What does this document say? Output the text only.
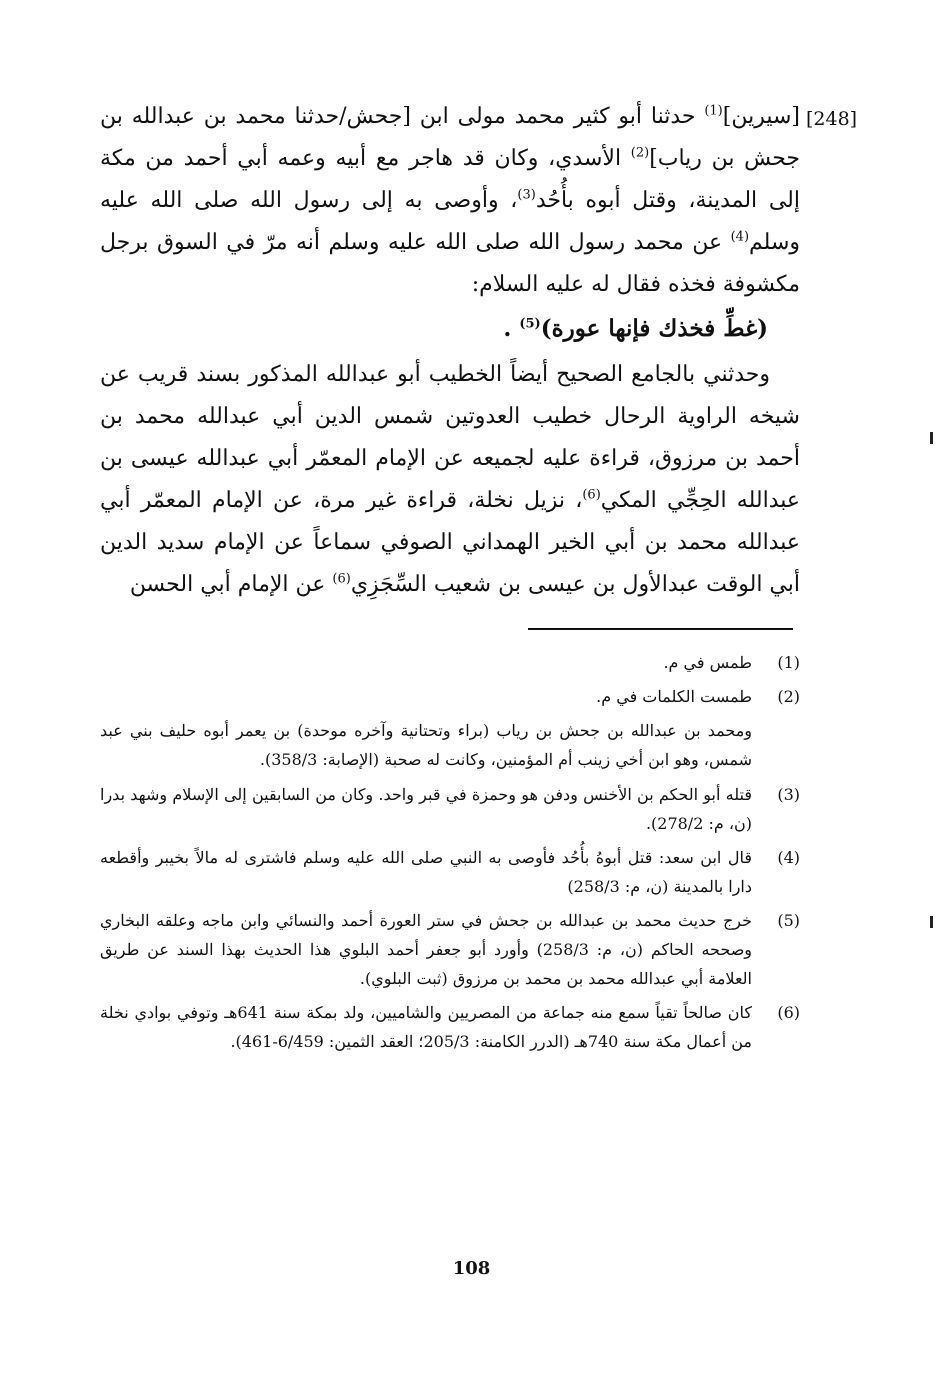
[248]

[سيرين]$^{(1)}$ حدثنا أبو كثير محمد مولى ابن [جحش/حدثنا محمد بن عبدالله بن جحش بن رياب]$^{(2)}$ الأسدي، وكان قد هاجر مع أبيه وعمه أبي أحمد من مكة إلى المدينة، وقتل أبوه بأُحُد$^{(3)}$، وأوصى به إلى رسول الله صلى الله عليه وسلم$^{(4)}$ عن محمد رسول الله صلى الله عليه وسلم أنه مرّ في السوق برجل مكشوفة فخذه فقال له عليه السلام:

(غطِّ فخذك فإنها عورة)$^{(5)}$ .

وحدثني بالجامع الصحيح أيضاً الخطيب أبو عبدالله المذكور بسند قريب عن شيخه الراوية الرحال خطيب العدوتين شمس الدين أبي عبدالله محمد بن أحمد بن مرزوق، قراءة عليه لجميعه عن الإمام المعمّر أبي عبدالله عيسى بن عبدالله الحِجِّي المكي$^{(6)}$، نزيل نخلة، قراءة غير مرة، عن الإمام المعمّر أبي عبدالله محمد بن أبي الخير الهمداني الصوفي سماعاً عن الإمام سديد الدين أبي الوقت عبدالأول بن عيسى بن شعيب السِّجَزِي$^{(6)}$ عن الإمام أبي الحسن

(1)
طمس في م.
(2)
طمست الكلمات في م.
ومحمد بن عبدالله بن جحش بن رياب (براء وتحتانية وآخره موحدة) بن يعمر أبوه حليف بني عبد شمس، وهو ابن أخي زينب أم المؤمنين، وكانت له صحبة (الإصابة: 358/3).
(3)
قتله أبو الحكم بن الأخنس ودفن هو وحمزة في قبر واحد. وكان من السابقين إلى الإسلام وشهد بدرا (ن، م: 278/2).
(4)
قال ابن سعد: قتل أبوهُ بأُحُد فأوصى به النبي صلى الله عليه وسلم فاشترى له مالاً بخيبر وأقطعه دارا بالمدينة (ن، م: 258/3)
(5)
خرج حديث محمد بن عبدالله بن جحش في ستر العورة أحمد والنسائي وابن ماجه وعلقه البخاري وصححه الحاكم (ن، م: 258/3) وأورد أبو جعفر أحمد البلوي هذا الحديث بهذا السند عن طريق العلامة أبي عبدالله محمد بن محمد بن مرزوق (ثبت البلوي).
(6)
كان صالحاً تقياً سمع منه جماعة من المصريين والشاميين، ولد بمكة سنة 641هـ وتوفي بوادي نخلة من أعمال مكة سنة 740هـ (الدرر الكامنة: 205/3؛ العقد الثمين: 6/459-461).
108
